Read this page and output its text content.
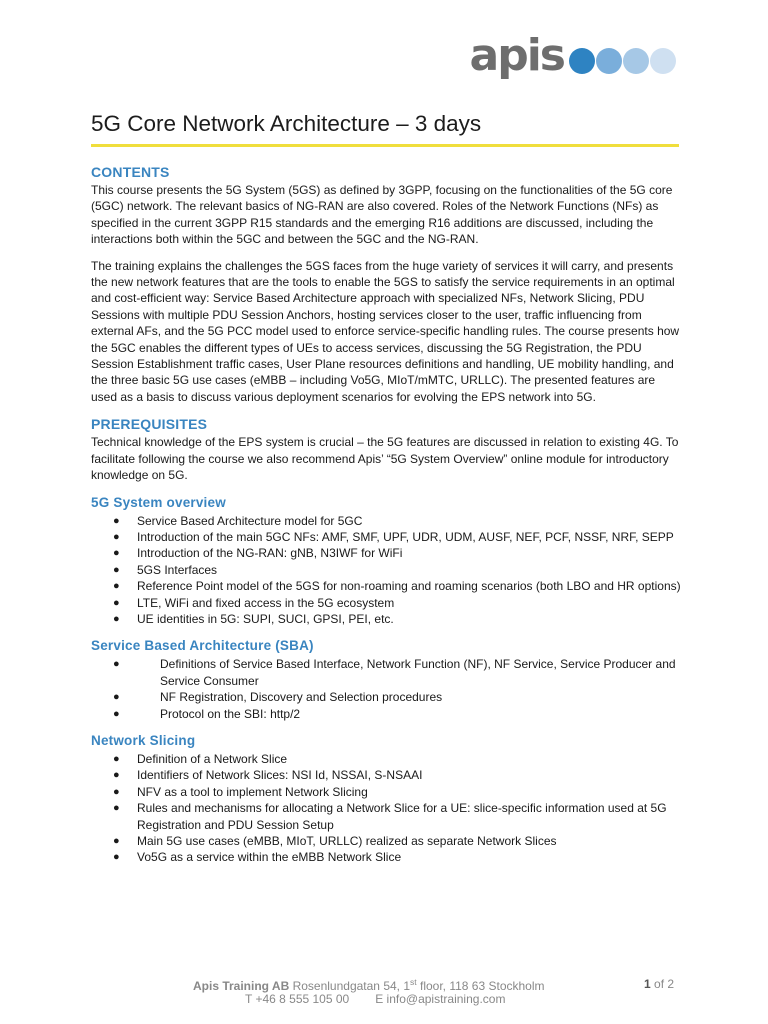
apis
5G Core Network Architecture – 3 days
CONTENTS

This course presents the 5G System (5GS) as defined by 3GPP, focusing on the functionalities of the 5G core (5GC) network. The relevant basics of NG-RAN are also covered. Roles of the Network Functions (NFs) as specified in the current 3GPP R15 standards and the emerging R16 additions are discussed, including the interactions both within the 5GC and between the 5GC and the NG-RAN.

The training explains the challenges the 5GS faces from the huge variety of services it will carry, and presents the new network features that are the tools to enable the 5GS to satisfy the service requirements in an optimal and cost-efficient way: Service Based Architecture approach with specialized NFs, Network Slicing, PDU Sessions with multiple PDU Session Anchors, hosting services closer to the user, traffic influencing from external AFs, and the 5G PCC model used to enforce service-specific handling rules. The course presents how the 5GC enables the different types of UEs to access services, discussing the 5G Registration, the PDU Session Establishment traffic cases, User Plane resources definitions and handling, UE mobility handling, and the three basic 5G use cases (eMBB – including Vo5G, MIoT/mMTC, URLLC). The presented features are used as a basis to discuss various deployment scenarios for evolving the EPS network into 5G.

PREREQUISITES

Technical knowledge of the EPS system is crucial – the 5G features are discussed in relation to existing 4G. To facilitate following the course we also recommend Apis’ “5G System Overview” online module for introductory knowledge on 5G.

5G System overview
● Service Based Architecture model for 5GC
● Introduction of the main 5GC NFs: AMF, SMF, UPF, UDR, UDM, AUSF, NEF, PCF, NSSF, NRF, SEPP
● Introduction of the NG-RAN: gNB, N3IWF for WiFi
● 5GS Interfaces
● Reference Point model of the 5GS for non-roaming and roaming scenarios (both LBO and HR options)
● LTE, WiFi and fixed access in the 5G ecosystem
● UE identities in 5G: SUPI, SUCI, GPSI, PEI, etc.
Service Based Architecture (SBA)
●	Definitions of Service Based Interface, Network Function (NF), NF Service, Service Producer and Service Consumer
●	NF Registration, Discovery and Selection procedures
●	Protocol on the SBI: http/2
Network Slicing
● Definition of a Network Slice
● Identifiers of Network Slices: NSI Id, NSSAI, S-NSAAI
● NFV as a tool to implement Network Slicing
● Rules and mechanisms for allocating a Network Slice for a UE: slice-specific information used at 5G Registration and PDU Session Setup
● Main 5G use cases (eMBB, MIoT, URLLC) realized as separate Network Slices
● Vo5G as a service within the eMBB Network Slice
Apis Training AB Rosenlundgatan 54, 1st floor, 118 63 Stockholm	1 of 2
T +46 8 555 105 00 E info@apistraining.com
